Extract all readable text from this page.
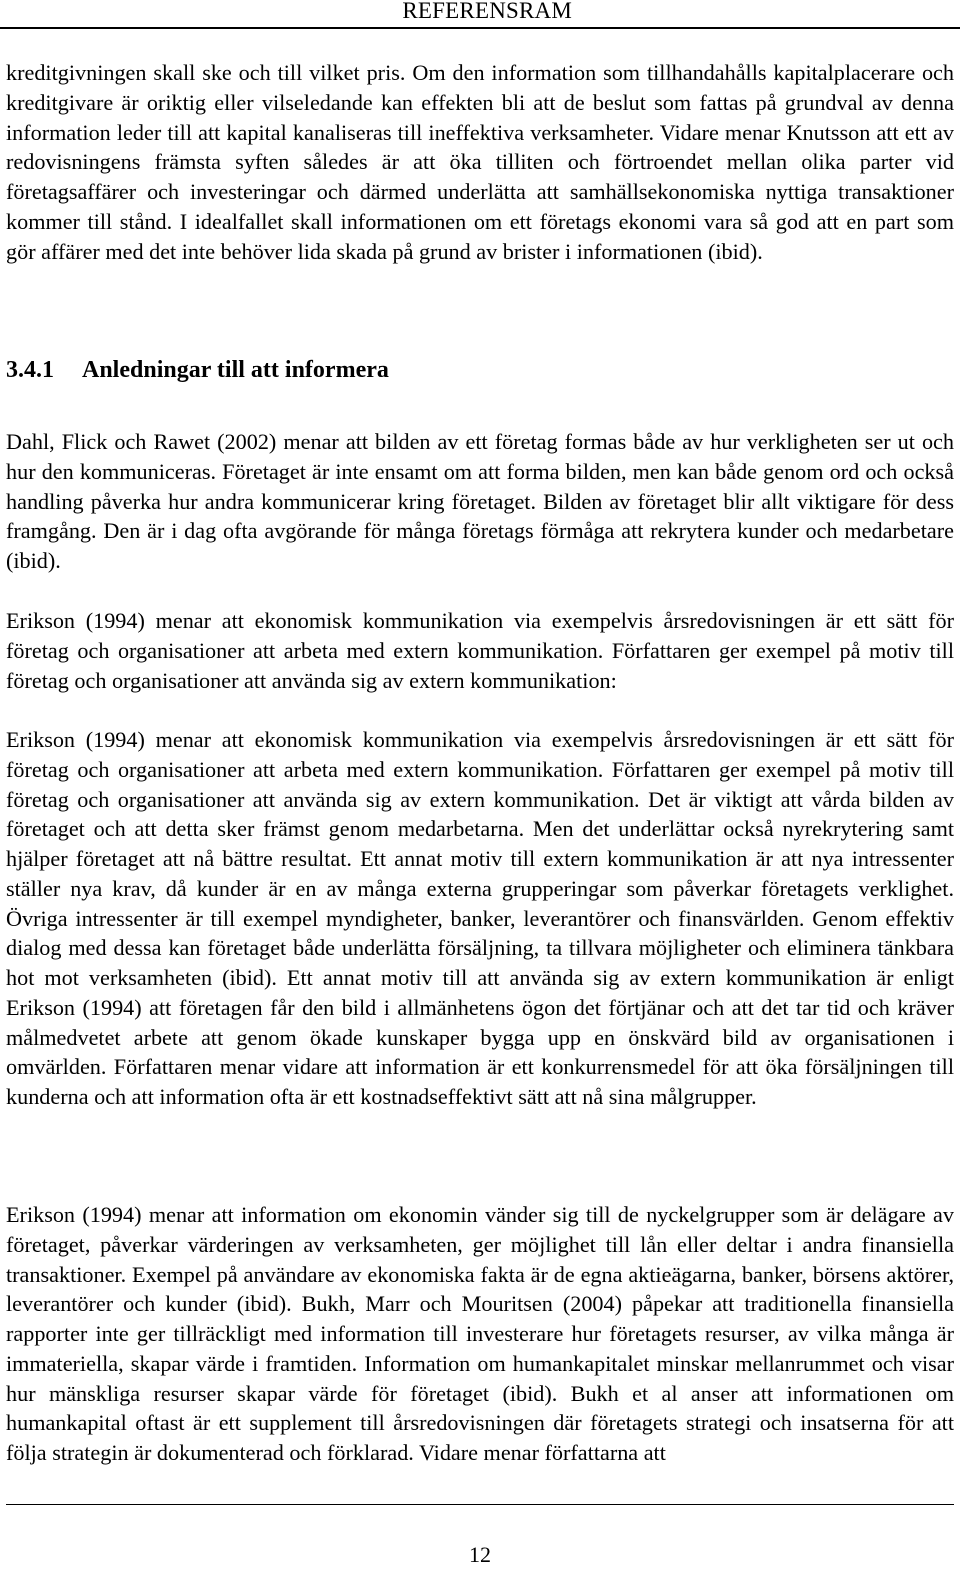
REFERENSRAM

kreditgivningen skall ske och till vilket pris. Om den information som tillhandahålls kapitalplacerare och kreditgivare är oriktig eller vilseledande kan effekten bli att de beslut som fattas på grundval av denna information leder till att kapital kanaliseras till ineffektiva verksamheter. Vidare menar Knutsson att ett av redovisningens främsta syften således är att öka tilliten och förtroendet mellan olika parter vid företagsaffärer och investeringar och därmed underlätta att samhällsekonomiska nyttiga transaktioner kommer till stånd. I idealfallet skall informationen om ett företags ekonomi vara så god att en part som gör affärer med det inte behöver lida skada på grund av brister i informationen (ibid).

3.4.1 Anledningar till att informera

Dahl, Flick och Rawet (2002) menar att bilden av ett företag formas både av hur verkligheten ser ut och hur den kommuniceras. Företaget är inte ensamt om att forma bilden, men kan både genom ord och också handling påverka hur andra kommunicerar kring företaget. Bilden av företaget blir allt viktigare för dess framgång. Den är i dag ofta avgörande för många företags förmåga att rekrytera kunder och medarbetare (ibid).

Erikson (1994) menar att ekonomisk kommunikation via exempelvis årsredovisningen är ett sätt för företag och organisationer att arbeta med extern kommunikation. Författaren ger exempel på motiv till företag och organisationer att använda sig av extern kommunikation:

Erikson (1994) menar att ekonomisk kommunikation via exempelvis årsredovisningen är ett sätt för företag och organisationer att arbeta med extern kommunikation. Författaren ger exempel på motiv till företag och organisationer att använda sig av extern kommunikation. Det är viktigt att vårda bilden av företaget och att detta sker främst genom medarbetarna. Men det underlättar också nyrekrytering samt hjälper företaget att nå bättre resultat. Ett annat motiv till extern kommunikation är att nya intressenter ställer nya krav, då kunder är en av många externa grupperingar som påverkar företagets verklighet. Övriga intressenter är till exempel myndigheter, banker, leverantörer och finansvärlden. Genom effektiv dialog med dessa kan företaget både underlätta försäljning, ta tillvara möjligheter och eliminera tänkbara hot mot verksamheten (ibid). Ett annat motiv till att använda sig av extern kommunikation är enligt Erikson (1994) att företagen får den bild i allmänhetens ögon det förtjänar och att det tar tid och kräver målmedvetet arbete att genom ökade kunskaper bygga upp en önskvärd bild av organisationen i omvärlden. Författaren menar vidare att information är ett konkurrensmedel för att öka försäljningen till kunderna och att information ofta är ett kostnadseffektivt sätt att nå sina målgrupper.

Erikson (1994) menar att information om ekonomin vänder sig till de nyckelgrupper som är delägare av företaget, påverkar värderingen av verksamheten, ger möjlighet till lån eller deltar i andra finansiella transaktioner. Exempel på användare av ekonomiska fakta är de egna aktieägarna, banker, börsens aktörer, leverantörer och kunder (ibid). Bukh, Marr och Mouritsen (2004) påpekar att traditionella finansiella rapporter inte ger tillräckligt med information till investerare hur företagets resurser, av vilka många är immateriella, skapar värde i framtiden. Information om humankapitalet minskar mellanrummet och visar hur mänskliga resurser skapar värde för företaget (ibid). Bukh et al anser att informationen om humankapital oftast är ett supplement till årsredovisningen där företagets strategi och insatserna för att följa strategin är dokumenterad och förklarad. Vidare menar författarna att

12
